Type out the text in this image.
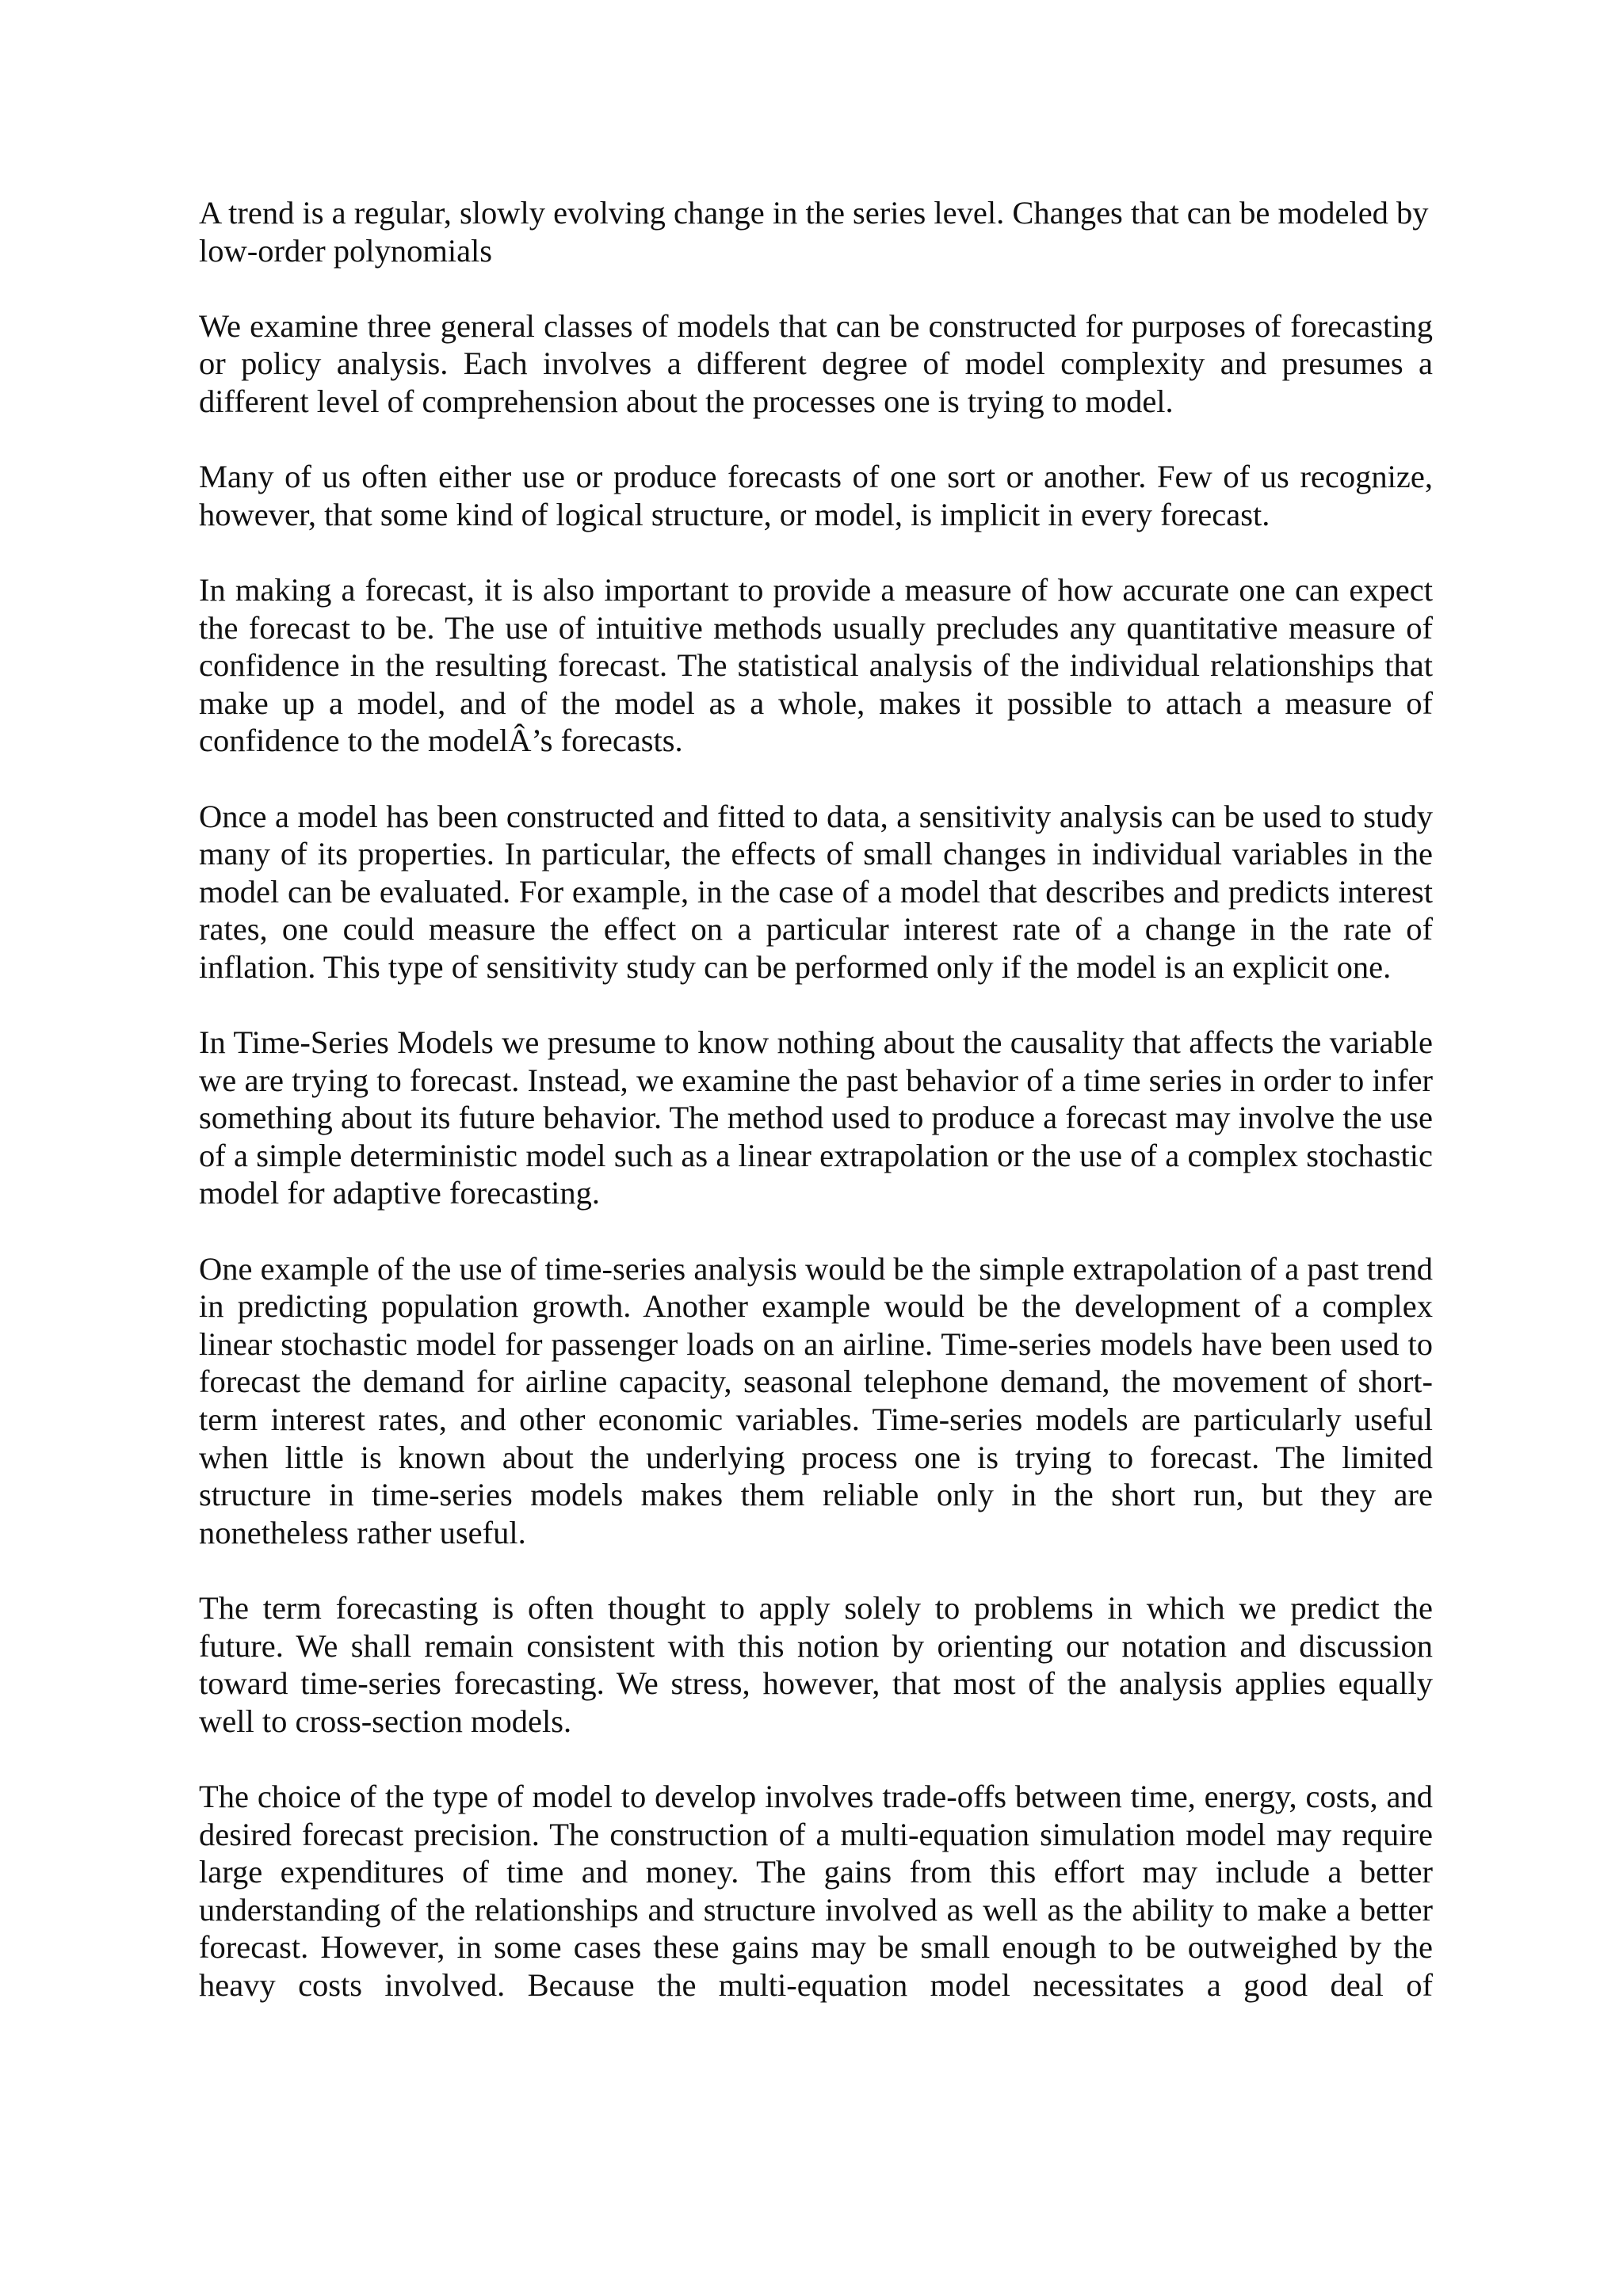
A trend is a regular, slowly evolving change in the series level. Changes that can be modeled by low-order polynomials

We examine three general classes of models that can be constructed for purposes of forecasting or policy analysis. Each involves a different degree of model complexity and presumes a different level of comprehension about the processes one is trying to model.

Many of us often either use or produce forecasts of one sort or another. Few of us recognize, however, that some kind of logical structure, or model, is implicit in every forecast.

In making a forecast, it is also important to provide a measure of how accurate one can expect the forecast to be. The use of intuitive methods usually precludes any quantitative measure of confidence in the resulting forecast. The statistical analysis of the individual relationships that make up a model, and of the model as a whole, makes it possible to attach a measure of confidence to the modelÂ’s forecasts.

Once a model has been constructed and fitted to data, a sensitivity analysis can be used to study many of its properties. In particular, the effects of small changes in individual variables in the model can be evaluated. For example, in the case of a model that describes and predicts interest rates, one could measure the effect on a particular interest rate of a change in the rate of inflation. This type of sensitivity study can be performed only if the model is an explicit one.

In Time-Series Models we presume to know nothing about the causality that affects the variable we are trying to forecast. Instead, we examine the past behavior of a time series in order to infer something about its future behavior. The method used to produce a forecast may involve the use of a simple deterministic model such as a linear extrapolation or the use of a complex stochastic model for adaptive forecasting.

One example of the use of time-series analysis would be the simple extrapolation of a past trend in predicting population growth. Another example would be the development of a complex linear stochastic model for passenger loads on an airline. Time-series models have been used to forecast the demand for airline capacity, seasonal telephone demand, the movement of short-term interest rates, and other economic variables. Time-series models are particularly useful when little is known about the underlying process one is trying to forecast. The limited structure in time-series models makes them reliable only in the short run, but they are nonetheless rather useful.

The term forecasting is often thought to apply solely to problems in which we predict the future. We shall remain consistent with this notion by orienting our notation and discussion toward time-series forecasting. We stress, however, that most of the analysis applies equally well to cross-section models.

The choice of the type of model to develop involves trade-offs between time, energy, costs, and desired forecast precision. The construction of a multi-equation simulation model may require large expenditures of time and money. The gains from this effort may include a better understanding of the relationships and structure involved as well as the ability to make a better forecast. However, in some cases these gains may be small enough to be outweighed by the heavy costs involved. Because the multi-equation model necessitates a good deal of
